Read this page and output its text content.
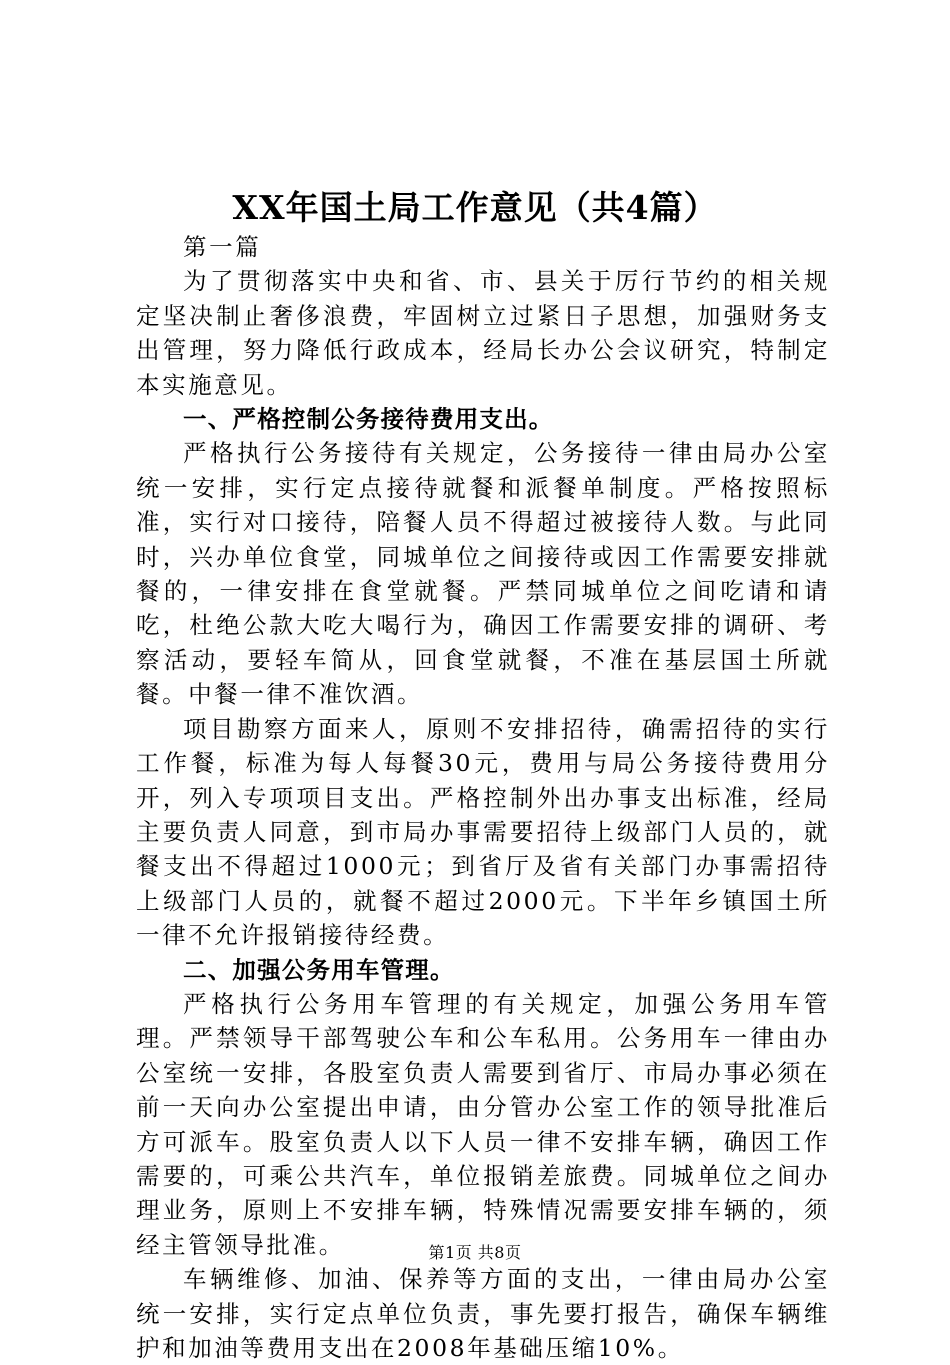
XX年国土局工作意见（共4篇）

第一篇

为了贯彻落实中央和省、市、县关于厉行节约的相关规定坚决制止奢侈浪费，牢固树立过紧日子思想，加强财务支出管理，努力降低行政成本，经局长办公会议研究，特制定本实施意见。

一、严格控制公务接待费用支出。

严格执行公务接待有关规定，公务接待一律由局办公室统一安排，实行定点接待就餐和派餐单制度。严格按照标准，实行对口接待，陪餐人员不得超过被接待人数。与此同时，兴办单位食堂，同城单位之间接待或因工作需要安排就餐的，一律安排在食堂就餐。严禁同城单位之间吃请和请吃，杜绝公款大吃大喝行为，确因工作需要安排的调研、考察活动，要轻车简从，回食堂就餐，不准在基层国土所就餐。中餐一律不准饮酒。

项目勘察方面来人，原则不安排招待，确需招待的实行工作餐，标准为每人每餐30元，费用与局公务接待费用分开，列入专项项目支出。严格控制外出办事支出标准，经局主要负责人同意，到市局办事需要招待上级部门人员的，就餐支出不得超过1000元；到省厅及省有关部门办事需招待上级部门人员的，就餐不超过2000元。下半年乡镇国土所一律不允许报销接待经费。

二、加强公务用车管理。

严格执行公务用车管理的有关规定，加强公务用车管理。严禁领导干部驾驶公车和公车私用。公务用车一律由办公室统一安排，各股室负责人需要到省厅、市局办事必须在前一天向办公室提出申请，由分管办公室工作的领导批准后方可派车。股室负责人以下人员一律不安排车辆，确因工作需要的，可乘公共汽车，单位报销差旅费。同城单位之间办理业务，原则上不安排车辆，特殊情况需要安排车辆的，须经主管领导批准。

车辆维修、加油、保养等方面的支出，一律由局办公室统一安排，实行定点单位负责，事先要打报告，确保车辆维护和加油等费用支出在2008年基础压缩10%。

第1页 共8页
